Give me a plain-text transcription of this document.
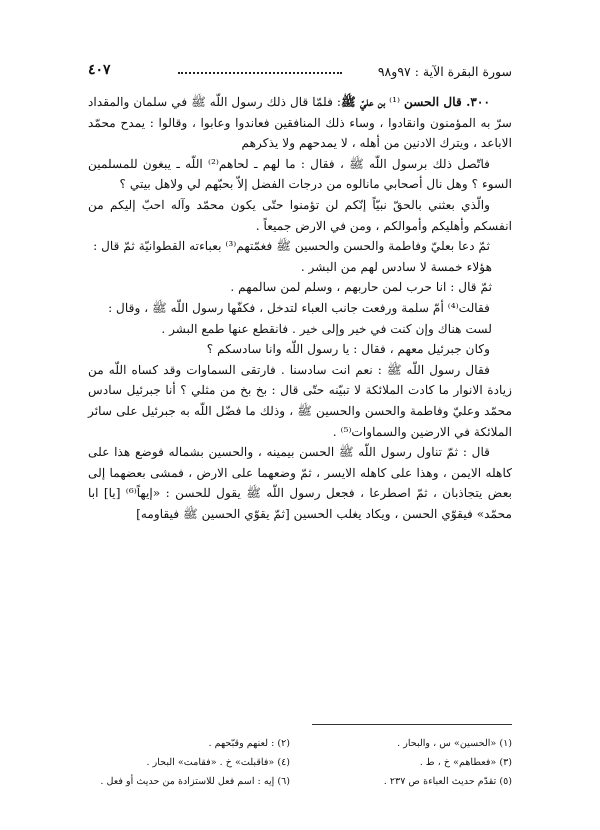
سورة البقرة الآية : ٩٧و٩٨
٤٠٧

٣٠٠. قال الحسن ⁽¹⁾ بن عليّ ﷺ: فلمّا قال ذلك رسول اللّه ﷺ في سلمان والمقداد سرّ به المؤمنون وانقادوا ، وساء ذلك المنافقين فعاندوا وعابوا ، وقالوا : يمدح محمّد الاباعد ، ويترك الادنين من أهله ، لا يمدحهم ولا يذكرهم

فاتّصل ذلك برسول اللّه ﷺ ، فقال : ما لهم ـ لحاهم⁽²⁾ اللّه ـ يبغون للمسلمين السوء ؟ وهل نال أصحابي مانالوه من درجات الفضل إلاّ بحبّهم لي ولاهل بيتي ؟

والّذي بعثني بالحقّ نبيّاً إنّكم لن تؤمنوا حتّى يكون محمّد وآله احبّ إليكم من انفسكم وأهليكم وأموالكم ، ومن في الارض جميعاً .

ثمّ دعا بعليّ وفاطمة والحسن والحسين ﷺ فغمّتهم⁽³⁾ بعباءته القطوانيّة ثمّ قال :

هؤلاء خمسة لا سادس لهم من البشر .

ثمّ قال : انا حرب لمن حاربهم ، وسلم لمن سالمهم .

فقالت⁽⁴⁾ أمّ سلمة ورفعت جانب العباء لتدخل ، فكفّها رسول اللّه ﷺ ، وقال :

لست هناك وإن كنت في خير وإلى خير . فانقطع عنها طمع البشر .

وكان جبرئيل معهم ، فقال : يا رسول اللّه وانا سادسكم ؟

فقال رسول اللّه ﷺ : نعم انت سادسنا . فارتقى السماوات وقد كساه اللّه من زيادة الانوار ما كادت الملائكة لا تبيّنه حتّى قال : بخ بخ من مثلي ؟ أنا جبرئيل سادس محمّد وعليّ وفاطمة والحسن والحسين ﷺ ، وذلك ما فضّل اللّه به جبرئيل على سائر الملائكة في الارضين والسماوات⁽⁵⁾ .

قال : ثمّ تناول رسول اللّه ﷺ الحسن بيمينه ، والحسين بشماله فوضع هذا على كاهله الايمن ، وهذا على كاهله الايسر ، ثمّ وضعهما على الارض ، فمشى بعضهما إلى بعض يتجاذبان ، ثمّ اصطرعا ، فجعل رسول اللّه ﷺ يقول للحسن : «إيهاً⁽⁶⁾ [يا] ابا محمّد» فيقوّي الحسن ، ويكاد يغلب الحسين [ثمّ يقوّي الحسين ﷺ فيقاومه]

(١) «الحسين» س ، والبحار .
(٢) : لعنهم وقبّحهم .
(٣) «فعطاهم» خ ، ط .
(٤) «فاقبلت» خ . «فقامت» البحار .
(٥) تقدّم حديث العباءة ص ٢٣٧ .
(٦) إيه : اسم فعل للاستزادة من حديث أو فعل .
